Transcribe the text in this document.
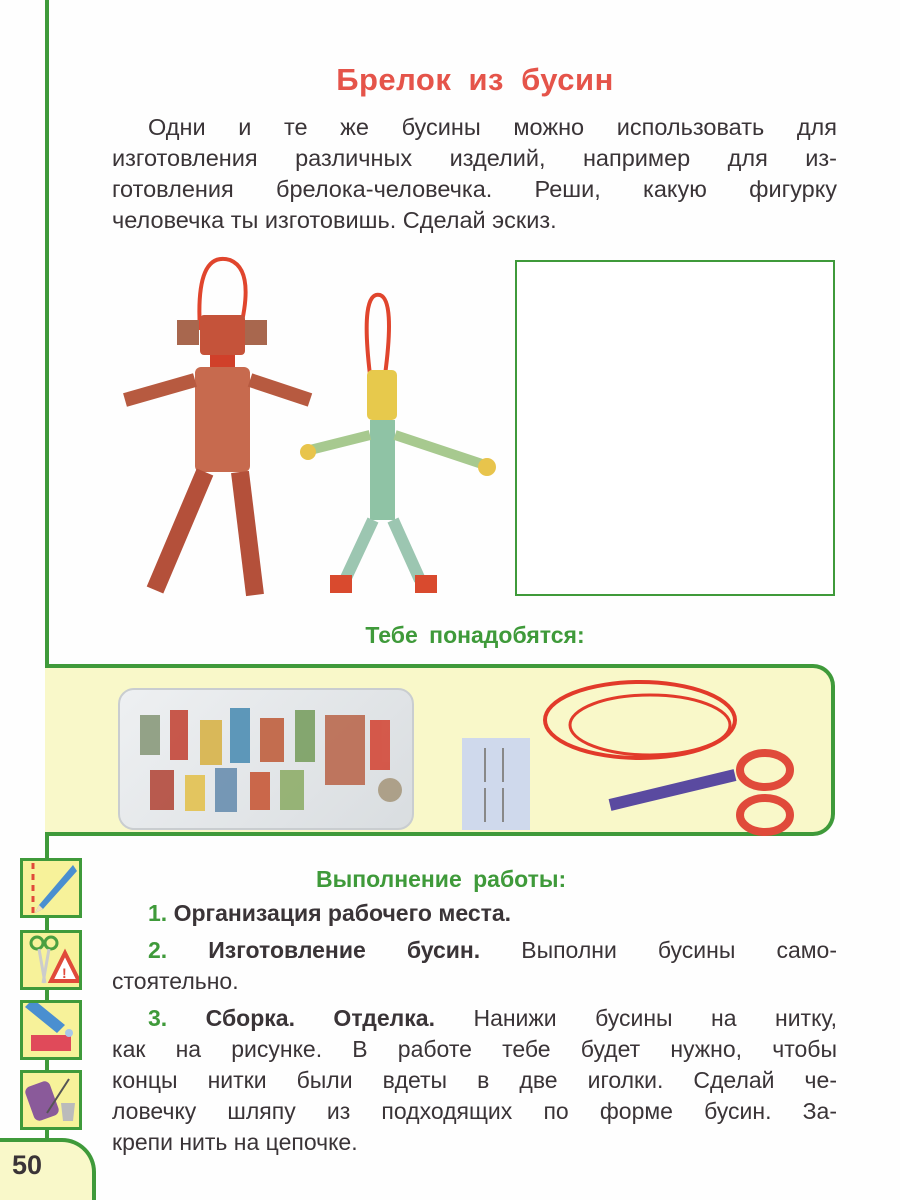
Брелок из бусин
Одни и те же бусины можно использовать для
изготовления различных изделий, например для из-
готовления брелока-человечка. Реши, какую фигурку
человечка ты изготовишь. Сделай эскиз.
Тебе понадобятся:
Выполнение работы:
1. Организация рабочего места.
2. Изготовление бусин. Выполни бусины само-
стоятельно.
3. Сборка. Отделка. Нанижи бусины на нитку,
как на рисунке. В работе тебе будет нужно, чтобы
концы нитки были вдеты в две иголки. Сделай че-
ловечку шляпу из подходящих по форме бусин. За-
крепи нить на цепочке.
!
50
